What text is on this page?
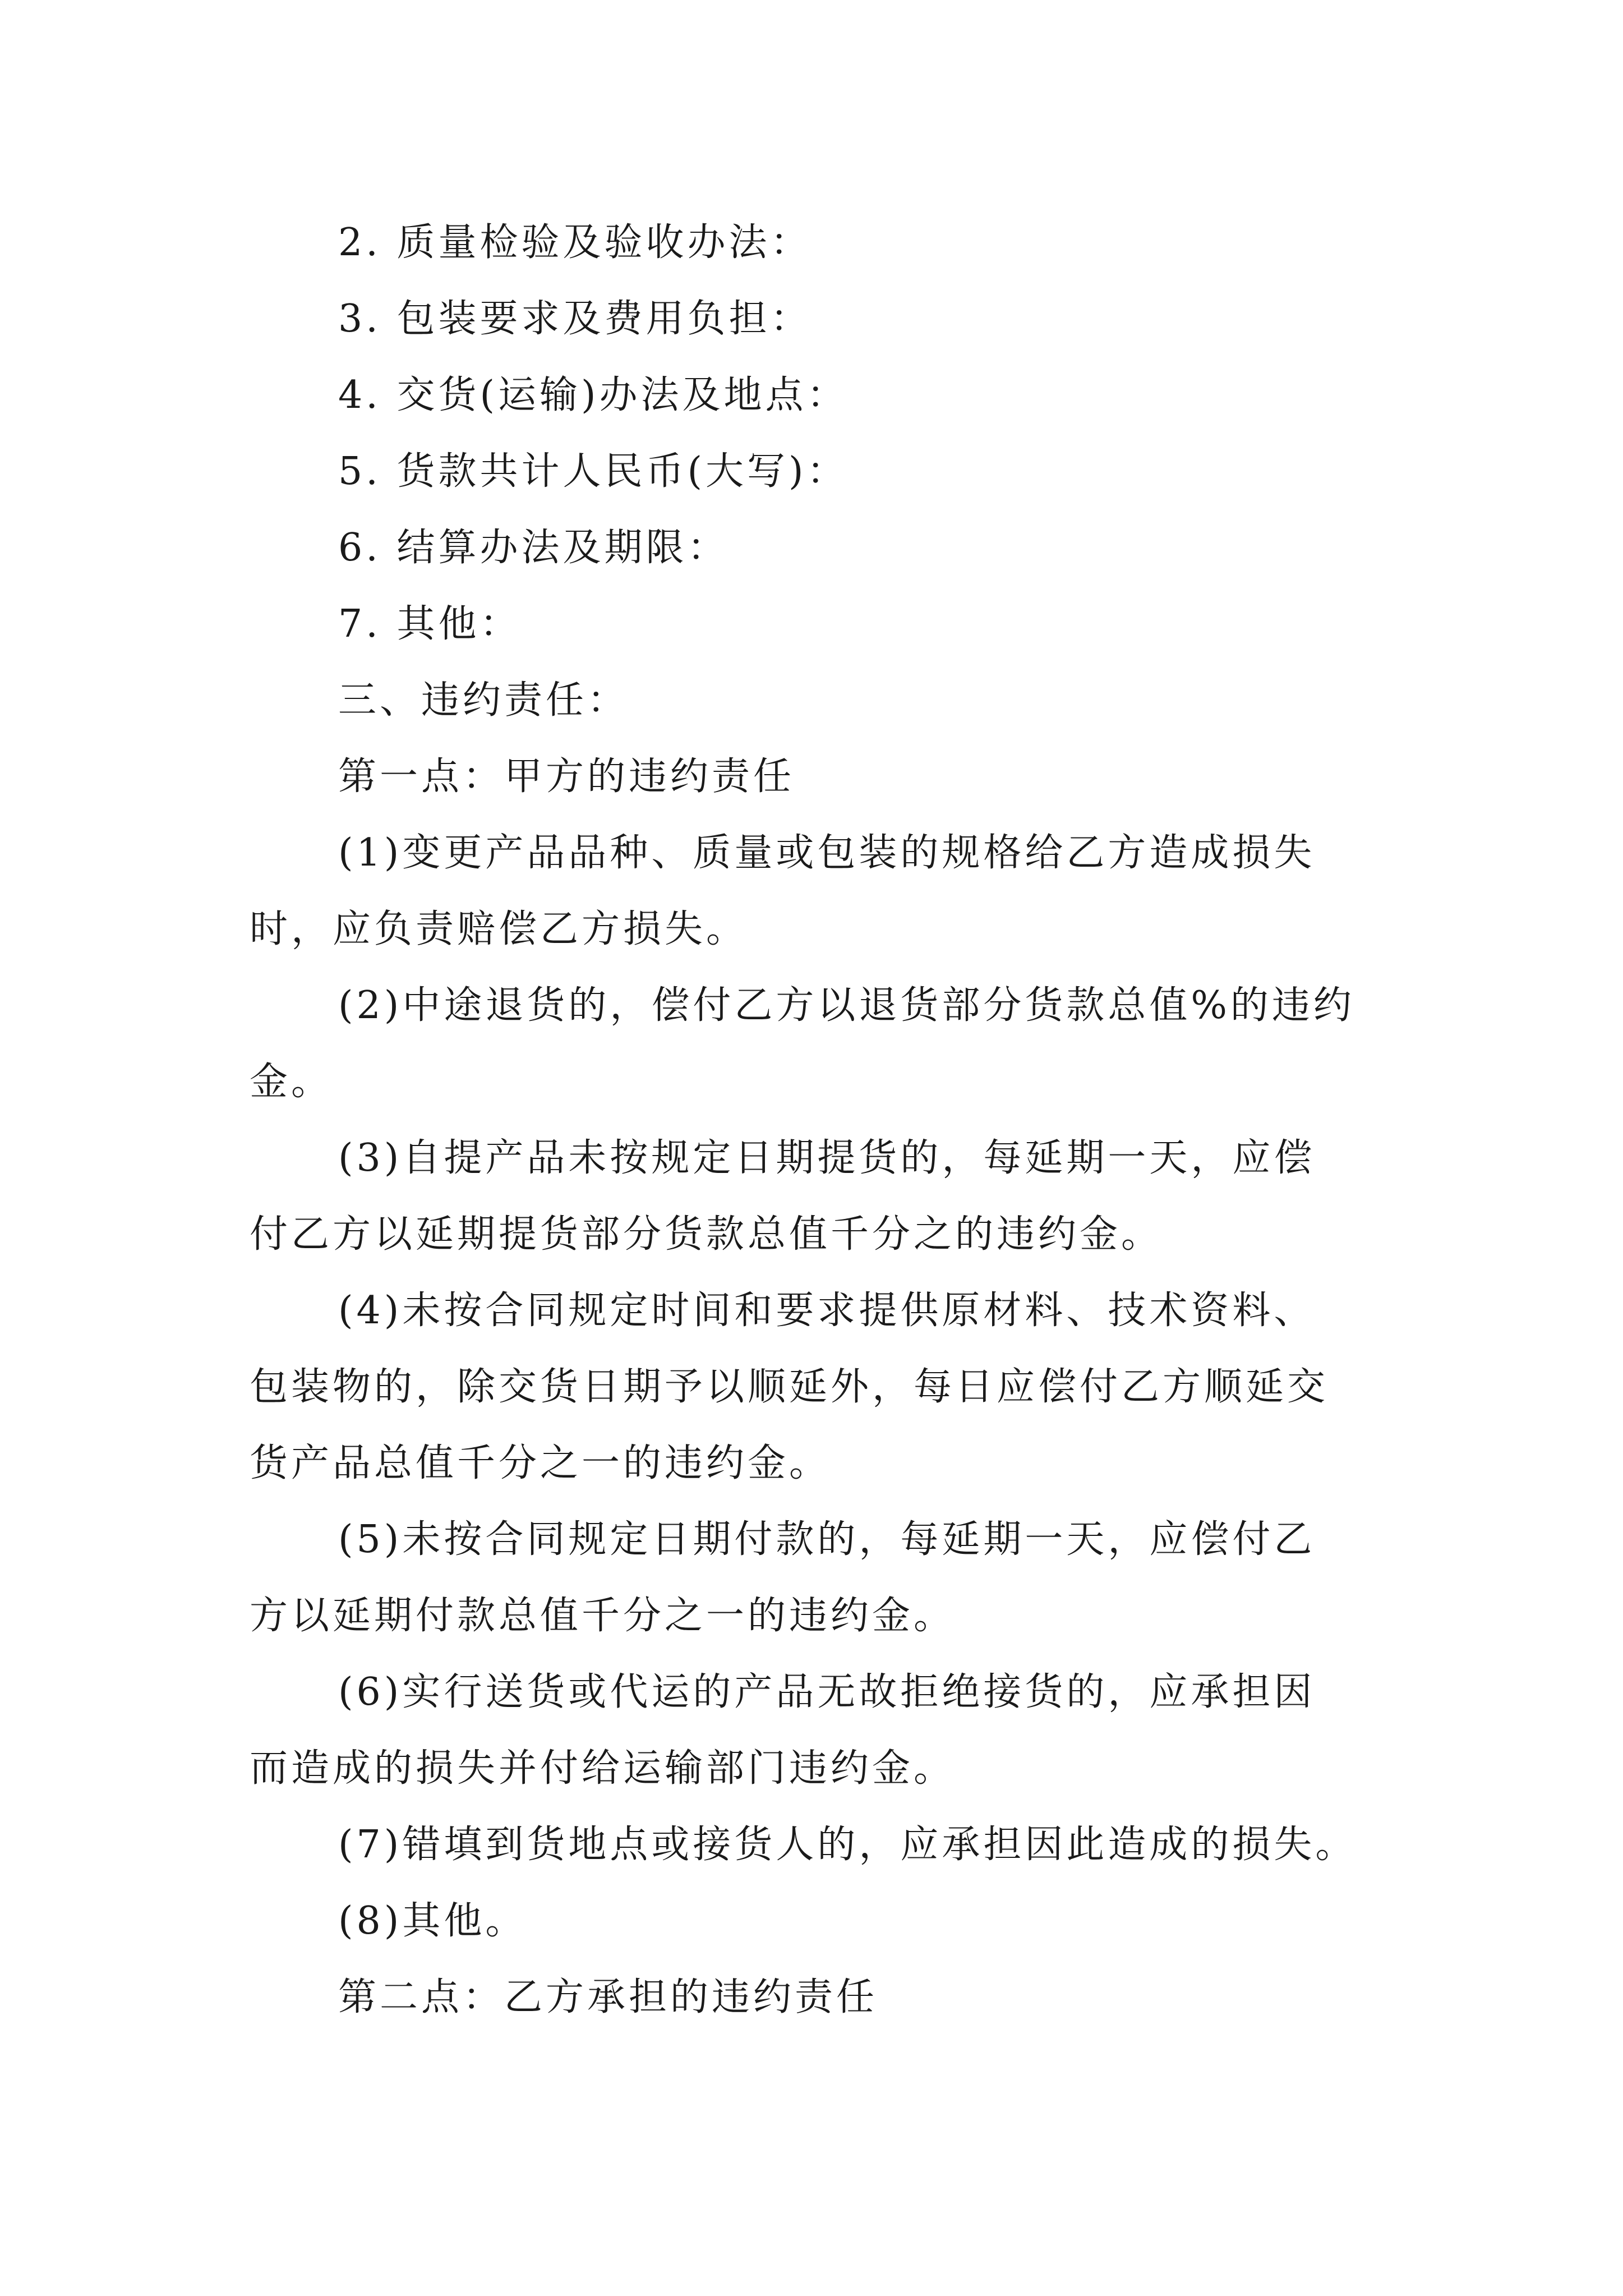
2. 质量检验及验收办法：

3. 包装要求及费用负担：

4. 交货(运输)办法及地点：

5. 货款共计人民币(大写)：

6. 结算办法及期限：

7. 其他：

三、违约责任：

第一点：甲方的违约责任

(1)变更产品品种、质量或包装的规格给乙方造成损失

时，应负责赔偿乙方损失。

(2)中途退货的，偿付乙方以退货部分货款总值%的违约

金。

(3)自提产品未按规定日期提货的，每延期一天，应偿

付乙方以延期提货部分货款总值千分之的违约金。

(4)未按合同规定时间和要求提供原材料、技术资料、

包装物的，除交货日期予以顺延外，每日应偿付乙方顺延交

货产品总值千分之一的违约金。

(5)未按合同规定日期付款的，每延期一天，应偿付乙

方以延期付款总值千分之一的违约金。

(6)实行送货或代运的产品无故拒绝接货的，应承担因

而造成的损失并付给运输部门违约金。

(7)错填到货地点或接货人的，应承担因此造成的损失。

(8)其他。

第二点：乙方承担的违约责任
